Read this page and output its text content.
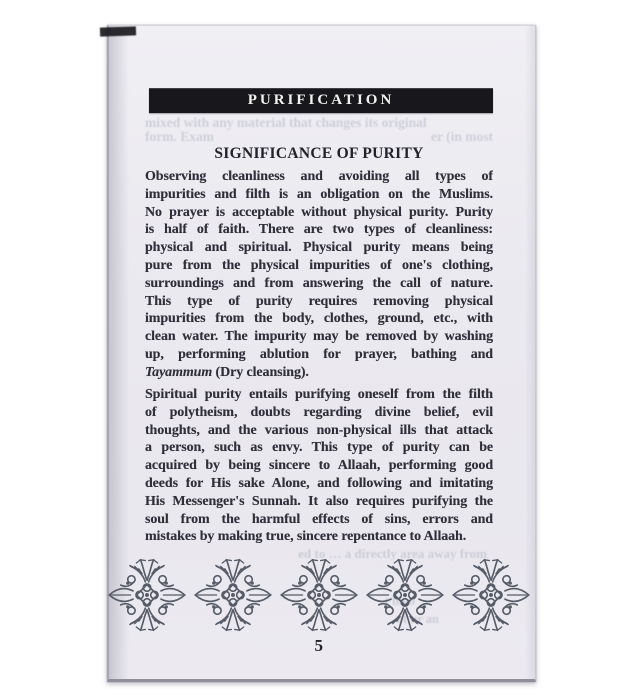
PURIFICATION
mixed with any material that changes its original
form. Exam	er (in most
SIGNIFICANCE OF PURITY
Observing cleanliness and avoiding all types of
impurities and filth is an obligation on the Muslims.
No prayer is acceptable without physical purity. Purity
is half of faith. There are two types of cleanliness:
physical and spiritual. Physical purity means being
pure from the physical impurities of one's clothing,
surroundings and from answering the call of nature.
This type of purity requires removing physical
impurities from the body, clothes, ground, etc., with
clean water. The impurity may be removed by washing
up, performing ablution for prayer, bathing and
Tayammum (Dry cleansing).
Spiritual purity entails purifying oneself from the filth
of polytheism, doubts regarding divine belief, evil
thoughts, and the various non-physical ills that attack
a person, such as envy. This type of purity can be
acquired by being sincere to Allaah, performing good
deeds for His sake Alone, and following and imitating
His Messenger's Sunnah. It also requires purifying the
soul from the harmful effects of sins, errors and
mistakes by making true, sincere repentance to Allaah.
5
ed to … a directly area away from
t bloo
of ur an
